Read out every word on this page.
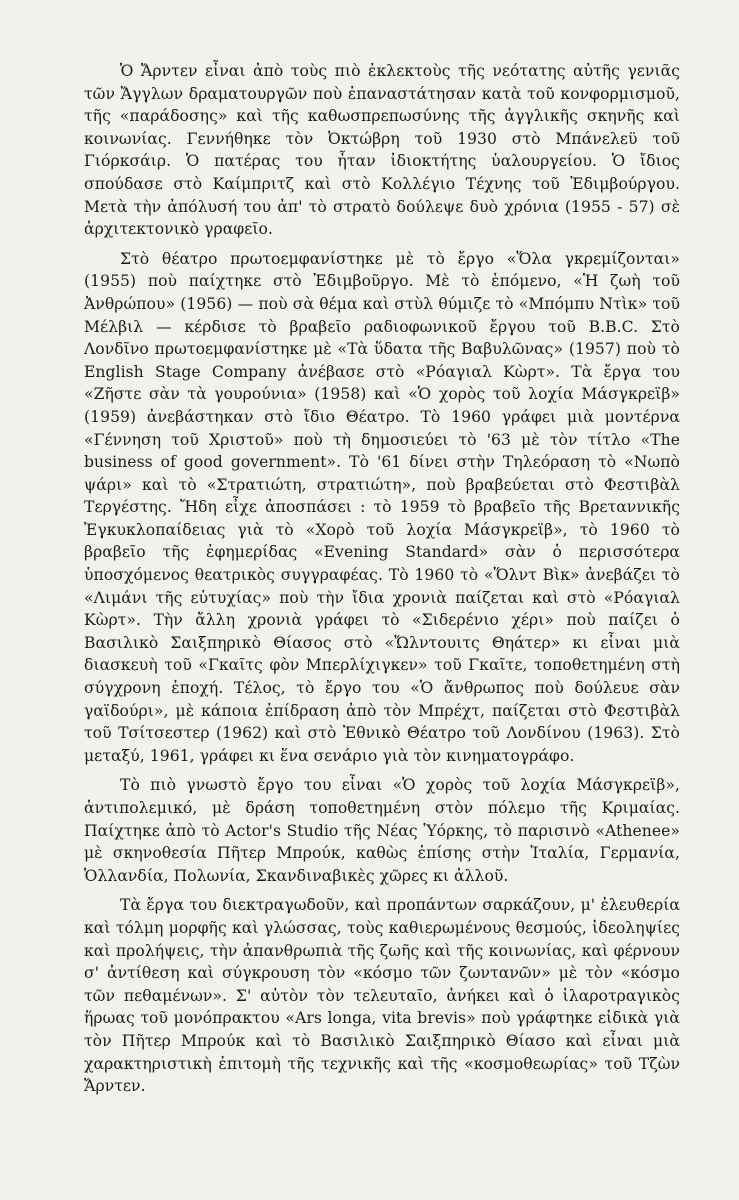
Ὁ Ἄρντεν εἶναι ἀπὸ τοὺς πιὸ ἐκλεκτοὺς τῆς νεότατης αὐτῆς γενιᾶς τῶν Ἄγγλων δραματουργῶν ποὺ ἐπαναστάτησαν κατὰ τοῦ κονφορμισμοῦ, τῆς «παράδοσης» καὶ τῆς καθωσπρεπωσύνης τῆς ἀγγλικῆς σκηνῆς καὶ κοινωνίας. Γεννήθηκε τὸν Ὀκτώβρη τοῦ 1930 στὸ Μπάνελεϋ τοῦ Γιόρκσάιρ. Ὁ πατέρας του ἦταν ἰδιοκτήτης ὑαλουργείου. Ὁ ἴδιος σπούδασε στὸ Καίμπριτζ καὶ στὸ Κολλέγιο Τέχνης τοῦ Ἐδιμβούργου. Μετὰ τὴν ἀπόλυσή του ἀπ' τὸ στρατὸ δούλεψε δυὸ χρόνια (1955 - 57) σὲ ἀρχιτεκτονικὸ γραφεῖο.

Στὸ θέατρο πρωτοεμφανίστηκε μὲ τὸ ἔργο «Ὅλα γκρεμίζονται» (1955) ποὺ παίχτηκε στὸ Ἐδιμβοῦργο. Μὲ τὸ ἑπόμενο, «Ἡ ζωὴ τοῦ Ἀνθρώπου» (1956) — ποὺ σὰ θέμα καὶ στὺλ θύμιζε τὸ «Μπόμπυ Ντὶκ» τοῦ Μέλβιλ — κέρδισε τὸ βραβεῖο ραδιοφωνικοῦ ἔργου τοῦ B.B.C. Στὸ Λονδῖνο πρωτοεμφανίστηκε μὲ «Τὰ ὕδατα τῆς Βαβυλῶνας» (1957) ποὺ τὸ English Stage Company ἀνέβασε στὸ «Ρόαγιαλ Κὼρτ». Τὰ ἔργα του «Ζῆστε σὰν τὰ γουρούνια» (1958) καὶ «Ὁ χορὸς τοῦ λοχία Μάσγκρεϊβ» (1959) ἀνεβάστηκαν στὸ ἴδιο Θέατρο. Τὸ 1960 γράφει μιὰ μοντέρνα «Γέννηση τοῦ Χριστοῦ» ποὺ τὴ δημοσιεύει τὸ '63 μὲ τὸν τίτλο «The business of good government». Τὸ '61 δίνει στὴν Τηλεόραση τὸ «Νωπὸ ψάρι» καὶ τὸ «Στρατιώτη, στρατιώτη», ποὺ βραβεύεται στὸ Φεστιβὰλ Τεργέστης. Ἤδη εἶχε ἀποσπάσει : τὸ 1959 τὸ βραβεῖο τῆς Βρεταννικῆς Ἐγκυκλοπαίδειας γιὰ τὸ «Χορὸ τοῦ λοχία Μάσγκρεϊβ», τὸ 1960 τὸ βραβεῖο τῆς ἐφημερίδας «Evening Standard» σὰν ὁ περισσότερα ὑποσχόμενος θεατρικὸς συγγραφέας. Τὸ 1960 τὸ «Ὅλντ Βὶκ» ἀνεβάζει τὸ «Λιμάνι τῆς εὐτυχίας» ποὺ τὴν ἴδια χρονιὰ παίζεται καὶ στὸ «Ρόαγιαλ Κὼρτ». Τὴν ἄλλη χρονιὰ γράφει τὸ «Σιδερένιο χέρι» ποὺ παίζει ὁ Βασιλικὸ Σαιξπηρικὸ Θίασος στὸ «Ὤλντουιτς Θηάτερ» κι εἶναι μιὰ διασκευὴ τοῦ «Γκαῖτς φὸν Μπερλίχιγκεν» τοῦ Γκαῖτε, τοποθετημένη στὴ σύγχρονη ἐποχή. Τέλος, τὸ ἔργο του «Ὁ ἄνθρωπος ποὺ δούλευε σὰν γαϊδούρι», μὲ κάποια ἐπίδραση ἀπὸ τὸν Μπρέχτ, παίζεται στὸ Φεστιβὰλ τοῦ Τσίτσεστερ (1962) καὶ στὸ Ἐθνικὸ Θέατρο τοῦ Λονδίνου (1963). Στὸ μεταξύ, 1961, γράφει κι ἕνα σενάριο γιὰ τὸν κινηματογράφο.

Τὸ πιὸ γνωστὸ ἔργο του εἶναι «Ὁ χορὸς τοῦ λοχία Μάσγκρεϊβ», ἀντιπολεμικό, μὲ δράση τοποθετημένη στὸν πόλεμο τῆς Κριμαίας. Παίχτηκε ἀπὸ τὸ Actor's Studio τῆς Νέας Ὑόρκης, τὸ παρισινὸ «Athenee» μὲ σκηνοθεσία Πῆτερ Μπρούκ, καθὼς ἐπίσης στὴν Ἰταλία, Γερμανία, Ὁλλανδία, Πολωνία, Σκανδιναβικὲς χῶρες κι ἀλλοῦ.

Τὰ ἔργα του διεκτραγωδοῦν, καὶ προπάντων σαρκάζουν, μ' ἐλευθερία καὶ τόλμη μορφῆς καὶ γλώσσας, τοὺς καθιερωμένους θεσμούς, ἰδεοληψίες καὶ προλήψεις, τὴν ἀπανθρωπιὰ τῆς ζωῆς καὶ τῆς κοινωνίας, καὶ φέρνουν σ' ἀντίθεση καὶ σύγκρουση τὸν «κόσμο τῶν ζωντανῶν» μὲ τὸν «κόσμο τῶν πεθαμένων». Σ' αὐτὸν τὸν τελευταῖο, ἀνήκει καὶ ὁ ἱλαροτραγικὸς ἥρωας τοῦ μονόπρακτου «Ars longa, vita brevis» ποὺ γράφτηκε εἰδικὰ γιὰ τὸν Πῆτερ Μπρούκ καὶ τὸ Βασιλικὸ Σαιξπηρικὸ Θίασο καὶ εἶναι μιὰ χαρακτηριστικὴ ἐπιτομὴ τῆς τεχνικῆς καὶ τῆς «κοσμοθεωρίας» τοῦ Τζὼν Ἄρντεν.
